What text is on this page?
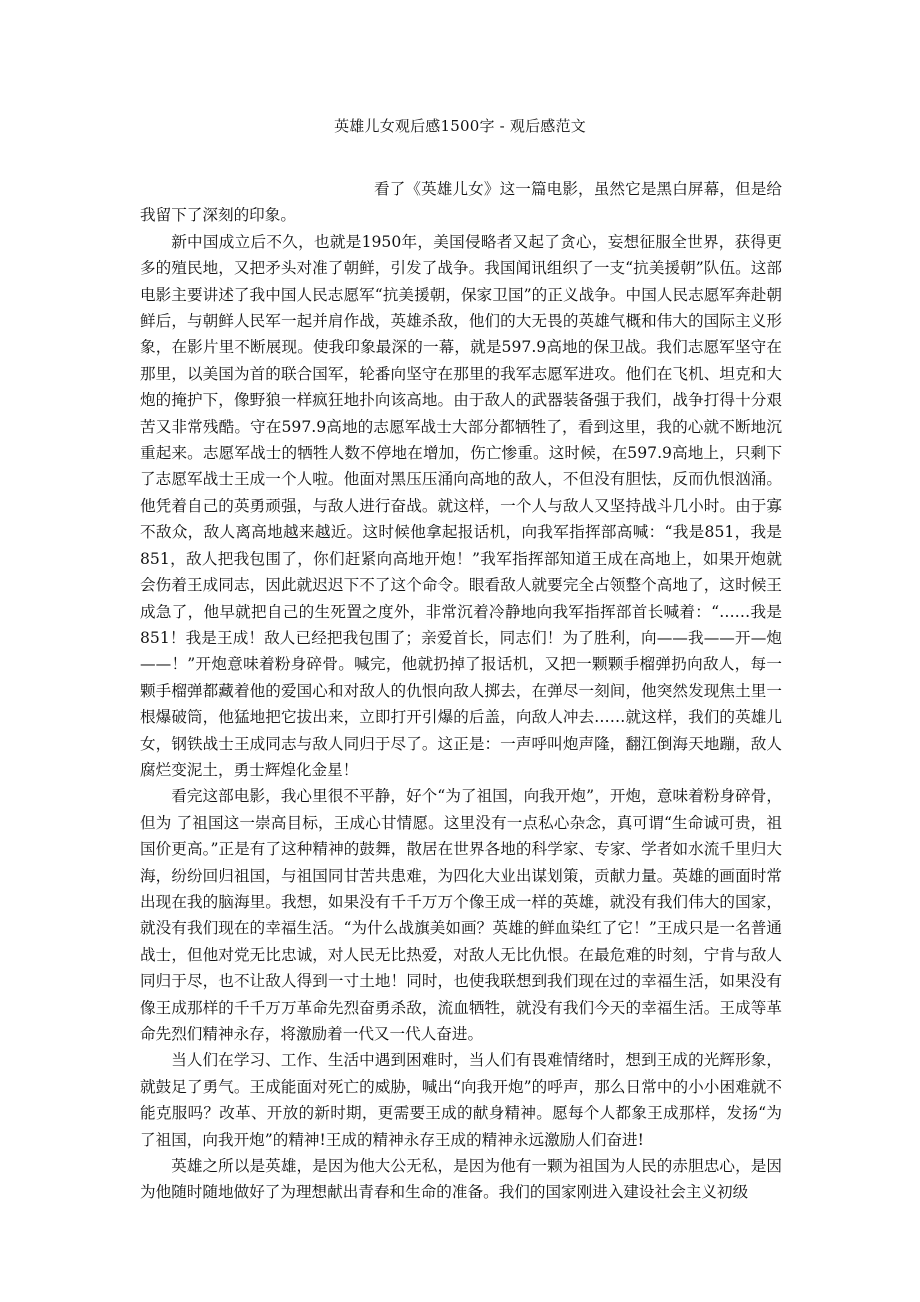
英雄儿女观后感1500字 - 观后感范文

看了《英雄儿女》这一篇电影，虽然它是黑白屏幕，但是给我留下了深刻的印象。

新中国成立后不久，也就是1950年，美国侵略者又起了贪心，妄想征服全世界，获得更多的殖民地，又把矛头对准了朝鲜，引发了战争。我国闻讯组织了一支“抗美援朝”队伍。这部电影主要讲述了我中国人民志愿军“抗美援朝，保家卫国”的正义战争。中国人民志愿军奔赴朝鲜后，与朝鲜人民军一起并肩作战，英雄杀敌，他们的大无畏的英雄气概和伟大的国际主义形象，在影片里不断展现。使我印象最深的一幕，就是597.9高地的保卫战。我们志愿军坚守在那里，以美国为首的联合国军，轮番向坚守在那里的我军志愿军进攻。他们在飞机、坦克和大炮的掩护下，像野狼一样疯狂地扑向该高地。由于敌人的武器装备强于我们，战争打得十分艰苦又非常残酷。守在597.9高地的志愿军战士大部分都牺牲了，看到这里，我的心就不断地沉重起来。志愿军战士的牺牲人数不停地在增加，伤亡惨重。这时候，在597.9高地上，只剩下了志愿军战士王成一个人啦。他面对黑压压涌向高地的敌人，不但没有胆怯，反而仇恨汹涌。他凭着自己的英勇顽强，与敌人进行奋战。就这样，一个人与敌人又坚持战斗几小时。由于寡不敌众，敌人离高地越来越近。这时候他拿起报话机，向我军指挥部高喊：“我是851，我是851，敌人把我包围了，你们赶紧向高地开炮！”我军指挥部知道王成在高地上，如果开炮就会伤着王成同志，因此就迟迟下不了这个命令。眼看敌人就要完全占领整个高地了，这时候王成急了，他早就把自己的生死置之度外，非常沉着冷静地向我军指挥部首长喊着：“……我是851！我是王成！敌人已经把我包围了；亲爱首长，同志们！为了胜利，向——我——开—炮——！”开炮意味着粉身碎骨。喊完，他就扔掉了报话机，又把一颗颗手榴弹扔向敌人，每一颗手榴弹都藏着他的爱国心和对敌人的仇恨向敌人掷去，在弹尽一刻间，他突然发现焦土里一根爆破筒，他猛地把它拔出来，立即打开引爆的后盖，向敌人冲去……就这样，我们的英雄儿女，钢铁战士王成同志与敌人同归于尽了。这正是：一声呼叫炮声隆，翻江倒海天地蹦，敌人腐烂变泥土，勇士辉煌化金星！

看完这部电影，我心里很不平静，好个“为了祖国，向我开炮”，开炮，意味着粉身碎骨，但为 了祖国这一崇高目标，王成心甘情愿。这里没有一点私心杂念，真可谓“生命诚可贵，祖国价更高。”正是有了这种精神的鼓舞，散居在世界各地的科学家、专家、学者如水流千里归大海，纷纷回归祖国，与祖国同甘苦共患难，为四化大业出谋划策，贡献力量。英雄的画面时常出现在我的脑海里。我想，如果没有千千万万个像王成一样的英雄，就没有我们伟大的国家，就没有我们现在的幸福生活。“为什么战旗美如画？英雄的鲜血染红了它！”王成只是一名普通战士，但他对党无比忠诚，对人民无比热爱，对敌人无比仇恨。在最危难的时刻，宁肯与敌人同归于尽，也不让敌人得到一寸土地！同时，也使我联想到我们现在过的幸福生活，如果没有像王成那样的千千万万革命先烈奋勇杀敌，流血牺牲，就没有我们今天的幸福生活。王成等革命先烈们精神永存，将激励着一代又一代人奋进。

当人们在学习、工作、生活中遇到困难时，当人们有畏难情绪时，想到王成的光辉形象，就鼓足了勇气。王成能面对死亡的威胁，喊出“向我开炮”的呼声，那么日常中的小小困难就不能克服吗？改革、开放的新时期，更需要王成的献身精神。愿每个人都象王成那样，发扬“为了祖国，向我开炮”的精神!王成的精神永存王成的精神永远激励人们奋进!

英雄之所以是英雄，是因为他大公无私，是因为他有一颗为祖国为人民的赤胆忠心，是因为他随时随地做好了为理想献出青春和生命的准备。我们的国家刚进入建设社会主义初级
